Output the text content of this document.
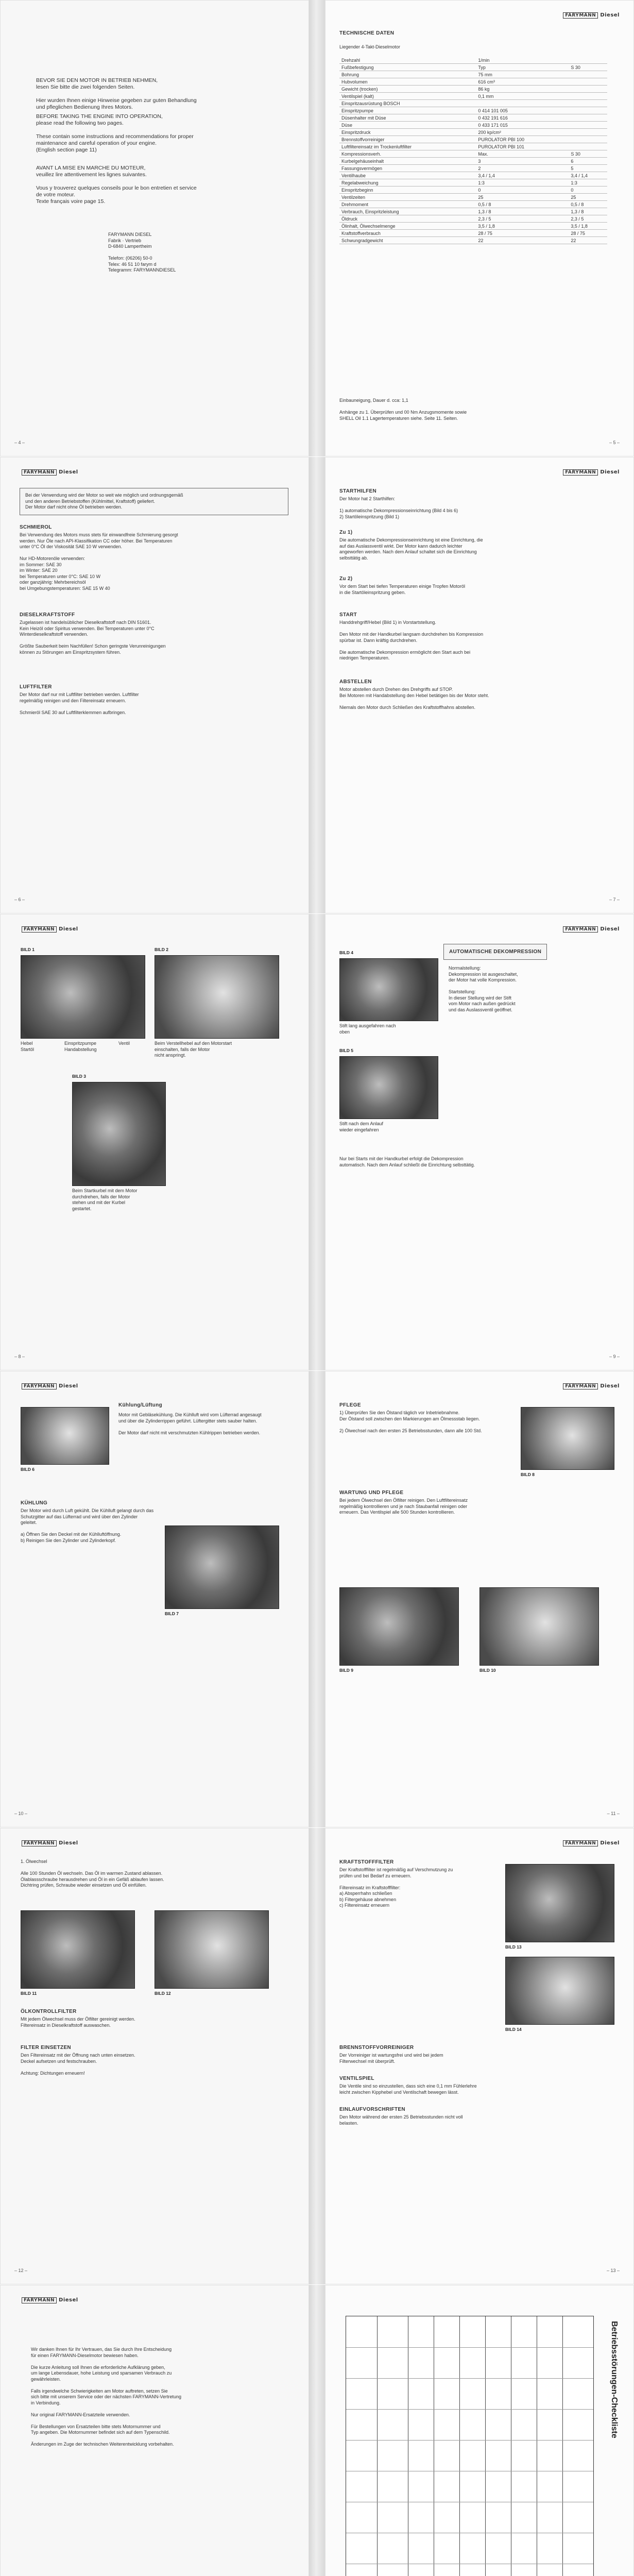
BEVOR SIE DEN MOTOR IN BETRIEB NEHMEN,
lesen Sie bitte die zwei folgenden Seiten.

Hier wurden Ihnen einige Hinweise gegeben zur guten Behandlung
und pfleglichen Bedienung Ihres Motors.
BEFORE TAKING THE ENGINE INTO OPERATION,
please read the following two pages.

These contain some instructions and recommendations for proper
maintenance and careful operation of your engine.
(English section page 11)
AVANT LA MISE EN MARCHE DU MOTEUR,
veuillez lire attentivement les lignes suivantes.

Vous y trouverez quelques conseils pour le bon entretien et service
de votre moteur.
Texte français voire page 15.
FARYMANN DIESEL
Fabrik · Vertrieb
D-6840 Lampertheim

Telefon: (06206) 50-0
Telex: 46 51 10 farym d
Telegramm: FARYMANNDIESEL
– 4 –
FARYMANN Diesel
TECHNISCHE DATEN
Liegender 4-Takt-Dieselmotor
Drehzahl	1/min	
Fußbefestigung	Typ	S 30
Bohrung	75 mm	
Hubvolumen	616 cm³	
Gewicht (trocken)	86 kg	
Ventilspiel (kalt)	0,1 mm	
Einspritzausrüstung BOSCH		
Einspritzpumpe	0 414 101 005	
Düsenhalter mit Düse	0 432 191 616	
Düse	0 433 171 015	
Einspritzdruck	200 kp/cm²	
Brennstoffvorreiniger	PUROLATOR PBI 100	
Luftfiltereinsatz im Trockenluftfilter	PUROLATOR PBI 101	
Kompressionsverh.	Max.	S 30
Kurbelgehäuseinhalt	3	6
Fassungsvermögen	2	5
Ventilhaube	3,4 / 1,4	3,4 / 1,4
Regelabweichung	1:3	1:3
Einspritzbeginn	0	0
Ventilzeiten	25	25
Drehmoment	0,5 / 8	0,5 / 8
Verbrauch, Einspritzleistung	1,3 / 8	1,3 / 8
Öldruck	2,3 / 5	2,3 / 5
Ölinhalt, Ölwechselmenge	3,5 / 1,8	3,5 / 1,8
Kraftstoffverbrauch	28 / 75	28 / 75
Schwungradgewicht	22	22
Einbauneigung, Dauer d. cca: 1,1

Anhänge zu 1. Überprüfen und 00 Nm Anzugsmomente sowie
SHELL Oil 1.1 Lagertemperaturen siehe. Seite 11. Seiten.
– 5 –
FARYMANN Diesel
Bei der Verwendung wird der Motor so weit wie möglich und ordnungsgemäß
und den anderen Betriebstoffen (Kühlmittel, Kraftstoff) geliefert.
Der Motor darf nicht ohne Öl betrieben werden.
SCHMIEROL
Bei Verwendung des Motors muss stets für einwandfreie Schmierung gesorgt
werden. Nur Öle nach API-Klassifikation CC oder höher. Bei Temperaturen
unter 0°C Öl der Viskosität SAE 10 W verwenden.

Nur HD-Motorenöle verwenden:
im Sommer: SAE 30
im Winter: SAE 20
bei Temperaturen unter 0°C: SAE 10 W
oder ganzjährig: Mehrbereichsöl
bei Umgebungstemperaturen: SAE 15 W 40
DIESELKRAFTSTOFF
Zugelassen ist handelsüblicher Dieselkraftstoff nach DIN 51601.
Kein Heizöl oder Spiritus verwenden. Bei Temperaturen unter 0°C
Winterdieselkraftstoff verwenden.

Größte Sauberkeit beim Nachfüllen! Schon geringste Verunreinigungen
können zu Störungen am Einspritzsystem führen.
LUFTFILTER
Der Motor darf nur mit Luftfilter betrieben werden. Luftfilter
regelmäßig reinigen und den Filtereinsatz erneuern.

Schmieröl SAE 30 auf Luftfilterklemmen aufbringen.
– 6 –
FARYMANN Diesel
STARTHILFEN
Der Motor hat 2 Starthilfen:

1) automatische Dekompressionseinrichtung (Bild 4 bis 6)
2) Startöleinspritzung (Bild 1)
Zu 1)
Die automatische Dekompressionseinrichtung ist eine Einrichtung, die
auf das Auslassventil wirkt. Der Motor kann dadurch leichter
angeworfen werden. Nach dem Anlauf schaltet sich die Einrichtung
selbsttätig ab.
Zu 2)
Vor dem Start bei tiefen Temperaturen einige Tropfen Motoröl
in die Startöleinspritzung geben.
START
Handdrehgriff/Hebel (Bild 1) in Vorstartstellung.

Den Motor mit der Handkurbel langsam durchdrehen bis Kompression
spürbar ist. Dann kräftig durchdrehen.

Die automatische Dekompression ermöglicht den Start auch bei
niedrigen Temperaturen.
ABSTELLEN
Motor abstellen durch Drehen des Drehgriffs auf STOP.
Bei Motoren mit Handabstellung den Hebel betätigen bis der Motor steht.

Niemals den Motor durch Schließen des Kraftstoffhahns abstellen.
– 7 –
FARYMANN Diesel
BILD 1
Hebel
Startöl
Einspritzpumpe
Handabstellung
Ventil
BILD 2
Beim Verstellhebel auf den Motorstart
einschalten, falls der Motor
nicht anspringt.
BILD 3
Beim Startkurbel mit dem Motor
durchdrehen, falls der Motor
stehen und mit der Kurbel
gestartet.
– 8 –
FARYMANN Diesel
AUTOMATISCHE DEKOMPRESSION
BILD 4
Stift lang ausgefahren nach
oben
BILD 5
Stift nach dem Anlauf
wieder eingefahren
Normalstellung:
Dekompression ist ausgeschaltet,
der Motor hat volle Kompression.

Startstellung:
In dieser Stellung wird der Stift
vom Motor nach außen gedrückt
und das Auslassventil geöffnet.
Nur bei Starts mit der Handkurbel erfolgt die Dekompression
automatisch. Nach dem Anlauf schließt die Einrichtung selbsttätig.
– 9 –
FARYMANN Diesel
Kühlung/Lüftung
BILD 6
Motor mit Gebläsekühlung. Die Kühlluft wird vom Lüfterrad angesaugt
und über die Zylinderrippen geführt. Lüftergitter stets sauber halten.

Der Motor darf nicht mit verschmutzten Kühlrippen betrieben werden.
KÜHLUNG
Der Motor wird durch Luft gekühlt. Die Kühlluft gelangt durch das
Schutzgitter auf das Lüfterrad und wird über den Zylinder geleitet.

a) Öffnen Sie den Deckel mit der Kühlluftöffnung.
b) Reinigen Sie den Zylinder und Zylinderkopf.
BILD 7
– 10 –
FARYMANN Diesel
PFLEGE
1) Überprüfen Sie den Ölstand täglich vor Inbetriebnahme.
Der Ölstand soll zwischen den Markierungen am Ölmessstab liegen.

2) Ölwechsel nach den ersten 25 Betriebsstunden, dann alle 100 Std.
BILD 8
WARTUNG UND PFLEGE
Bei jedem Ölwechsel den Ölfilter reinigen. Den Luftfiltereinsatz
regelmäßig kontrollieren und je nach Staubanfall reinigen oder
erneuern. Das Ventilspiel alle 500 Stunden kontrollieren.
BILD 9	BILD 10
– 11 –
FARYMANN Diesel
1. Ölwechsel

Alle 100 Stunden Öl wechseln. Das Öl im warmen Zustand ablassen.
Ölablassschraube herausdrehen und Öl in ein Gefäß ablaufen lassen.
Dichtring prüfen, Schraube wieder einsetzen und Öl einfüllen.
BILD 11	BILD 12
ÖLKONTROLLFILTER
Mit jedem Ölwechsel muss der Ölfilter gereinigt werden.
Filtereinsatz in Dieselkraftstoff auswaschen.
FILTER EINSETZEN
Den Filtereinsatz mit der Öffnung nach unten einsetzen.
Deckel aufsetzen und festschrauben.

Achtung: Dichtungen erneuern!
– 12 –
FARYMANN Diesel
KRAFTSTOFFFILTER
Der Kraftstofffilter ist regelmäßig auf Verschmutzung zu
prüfen und bei Bedarf zu erneuern.

Filtereinsatz im Kraftstofffilter:
a) Absperrhahn schließen
b) Filtergehäuse abnehmen
c) Filtereinsatz erneuern
BILD 13
BILD 14
BRENNSTOFFVORREINIGER
Der Vorreiniger ist wartungsfrei und wird bei jedem
Filterwechsel mit überprüft.
VENTILSPIEL
Die Ventile sind so einzustellen, dass sich eine 0,1 mm Fühlerlehre
leicht zwischen Kipphebel und Ventilschaft bewegen lässt.
EINLAUFVORSCHRIFTEN
Den Motor während der ersten 25 Betriebsstunden nicht voll
belasten.
– 13 –
FARYMANN Diesel
Wir danken Ihnen für Ihr Vertrauen, das Sie durch Ihre Entscheidung
für einen FARYMANN-Dieselmotor bewiesen haben.

Die kurze Anleitung soll Ihnen die erforderliche Aufklärung geben,
um lange Lebensdauer, hohe Leistung und sparsamen Verbrauch zu
gewährleisten.

Falls irgendwelche Schwierigkeiten am Motor auftreten, setzen Sie
sich bitte mit unserem Service oder der nächsten FARYMANN-Vertretung
in Verbindung.

Nur original FARYMANN-Ersatzteile verwenden.

Für Bestellungen von Ersatzteilen bitte stets Motornummer und
Typ angeben. Die Motornummer befindet sich auf dem Typenschild.

Änderungen im Zuge der technischen Weiterentwicklung vorbehalten.
Betriebsstörungen-Checkliste
